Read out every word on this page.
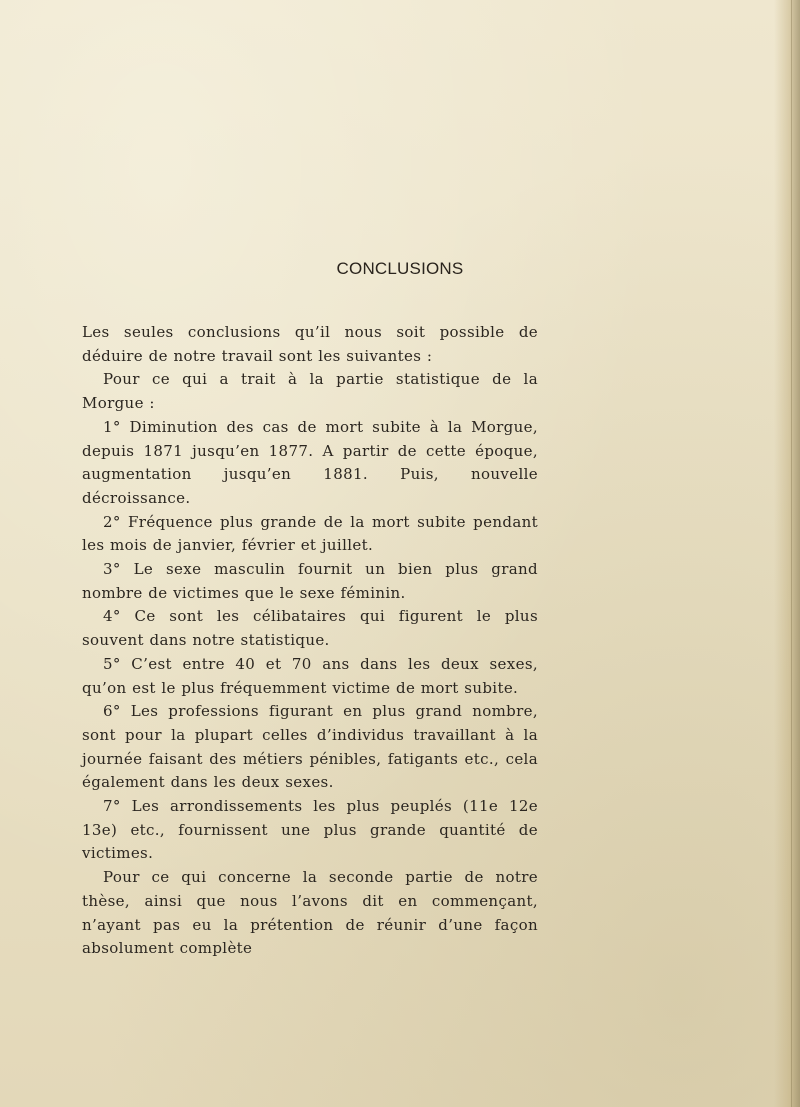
CONCLUSIONS

Les seules conclusions qu’il nous soit possible de déduire de notre travail sont les suivantes :

Pour ce qui a trait à la partie statistique de la Morgue :

1° Diminution des cas de mort subite à la Morgue, depuis 1871 jusqu’en 1877. A partir de cette époque, augmentation jusqu’en 1881. Puis, nouvelle décroissance.

2° Fréquence plus grande de la mort subite pendant les mois de janvier, février et juillet.

3° Le sexe masculin fournit un bien plus grand nombre de victimes que le sexe féminin.

4° Ce sont les célibataires qui figurent le plus souvent dans notre statistique.

5° C’est entre 40 et 70 ans dans les deux sexes, qu’on est le plus fréquemment victime de mort subite.

6° Les professions figurant en plus grand nombre, sont pour la plupart celles d’individus travaillant à la journée faisant des métiers pénibles, fatigants etc., cela également dans les deux sexes.

7° Les arrondissements les plus peuplés (11e 12e 13e) etc., fournissent une plus grande quantité de victimes.

Pour ce qui concerne la seconde partie de notre thèse, ainsi que nous l’avons dit en commençant, n’ayant pas eu la prétention de réunir d’une façon absolument complète
